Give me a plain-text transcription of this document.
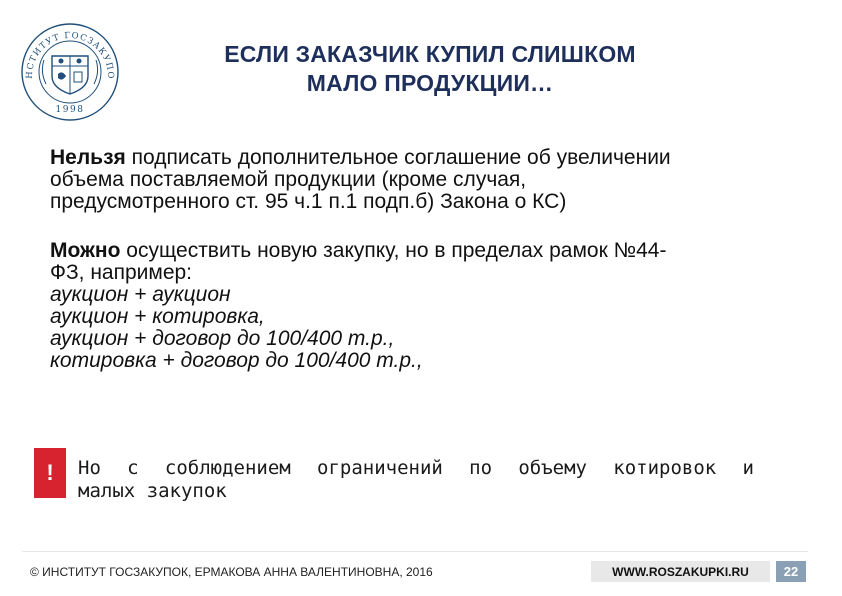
НСТИТУТ ГОСЗАКУПО
1998
ЕСЛИ ЗАКАЗЧИК КУПИЛ СЛИШКОМ
МАЛО ПРОДУКЦИИ…
Нельзя подписать дополнительное соглашение об увеличении
объема поставляемой продукции (кроме случая,
предусмотренного ст. 95 ч.1 п.1 подп.б) Закона о КС)
Можно осуществить новую закупку, но в пределах рамок №44-
ФЗ, например:
аукцион + аукцион
аукцион + котировка,
аукцион + договор до 100/400 т.р.,
котировка + договор до 100/400 т.р.,
! Но с соблюдением ограничений по объему котировок и
малых закупок
© ИНСТИТУТ ГОСЗАКУПОК, ЕРМАКОВА АННА ВАЛЕНТИНОВНА, 2016	WWW.ROSZAKUPKI.RU	22
